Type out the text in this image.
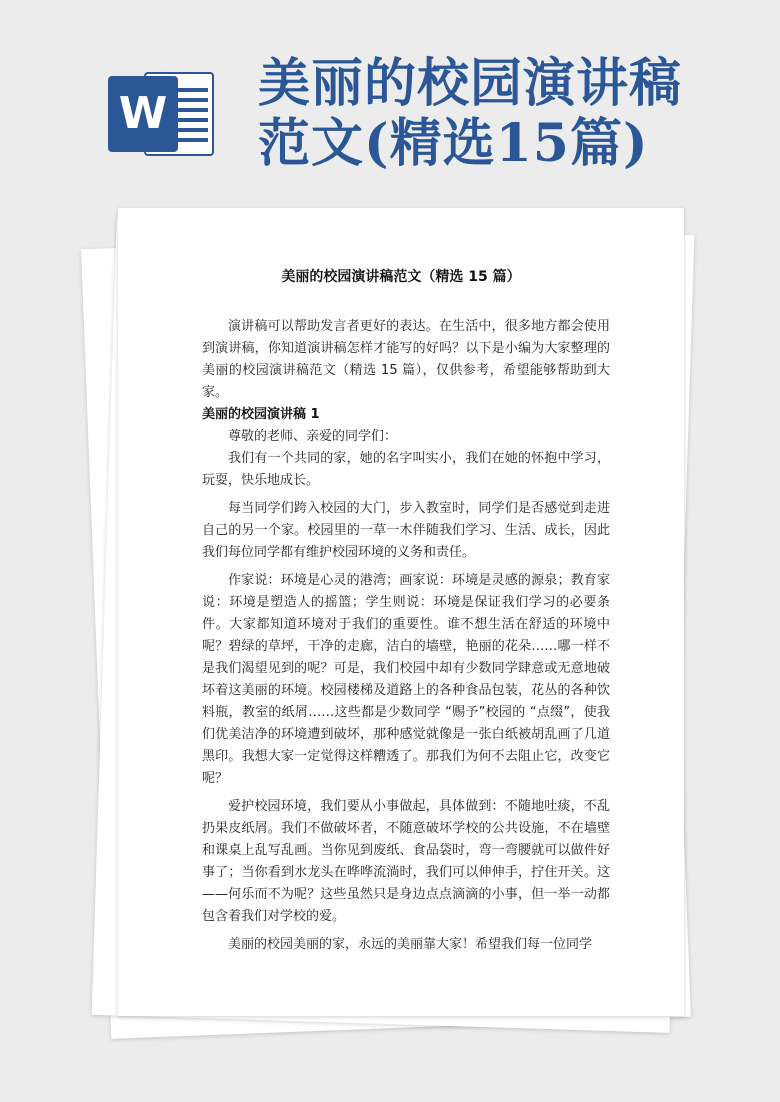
W 美丽的校园演讲稿
范文(精选15篇)
美丽的校园演讲稿范文（精选 15 篇）

演讲稿可以帮助发言者更好的表达。在生活中，很多地方都会使用到演讲稿，你知道演讲稿怎样才能写的好吗？以下是小编为大家整理的美丽的校园演讲稿范文（精选 15 篇），仅供参考，希望能够帮助到大家。

美丽的校园演讲稿 1

尊敬的老师、亲爱的同学们：

我们有一个共同的家，她的名字叫实小，我们在她的怀抱中学习，玩耍，快乐地成长。

每当同学们跨入校园的大门，步入教室时，同学们是否感觉到走进自己的另一个家。校园里的一草一木伴随我们学习、生活、成长，因此我们每位同学都有维护校园环境的义务和责任。

作家说：环境是心灵的港湾；画家说：环境是灵感的源泉；教育家说：环境是塑造人的摇篮；学生则说：环境是保证我们学习的必要条件。大家都知道环境对于我们的重要性。谁不想生活在舒适的环境中呢？碧绿的草坪，干净的走廊，洁白的墙壁，艳丽的花朵……哪一样不是我们渴望见到的呢？可是，我们校园中却有少数同学肆意或无意地破坏着这美丽的环境。校园楼梯及道路上的各种食品包装，花丛的各种饮料瓶，教室的纸屑……这些都是少数同学 “赐予”校园的 “点缀”，使我们优美洁净的环境遭到破坏，那种感觉就像是一张白纸被胡乱画了几道黑印。我想大家一定觉得这样糟透了。那我们为何不去阻止它，改变它呢？

爱护校园环境，我们要从小事做起，具体做到：不随地吐痰，不乱扔果皮纸屑。我们不做破坏者，不随意破坏学校的公共设施，不在墙壁和课桌上乱写乱画。当你见到废纸、食品袋时，弯一弯腰就可以做件好事了；当你看到水龙头在哗哗流淌时，我们可以伸伸手，拧住开关。这——何乐而不为呢？这些虽然只是身边点点滴滴的小事，但一举一动都包含着我们对学校的爱。

美丽的校园美丽的家，永远的美丽靠大家！希望我们每一位同学
